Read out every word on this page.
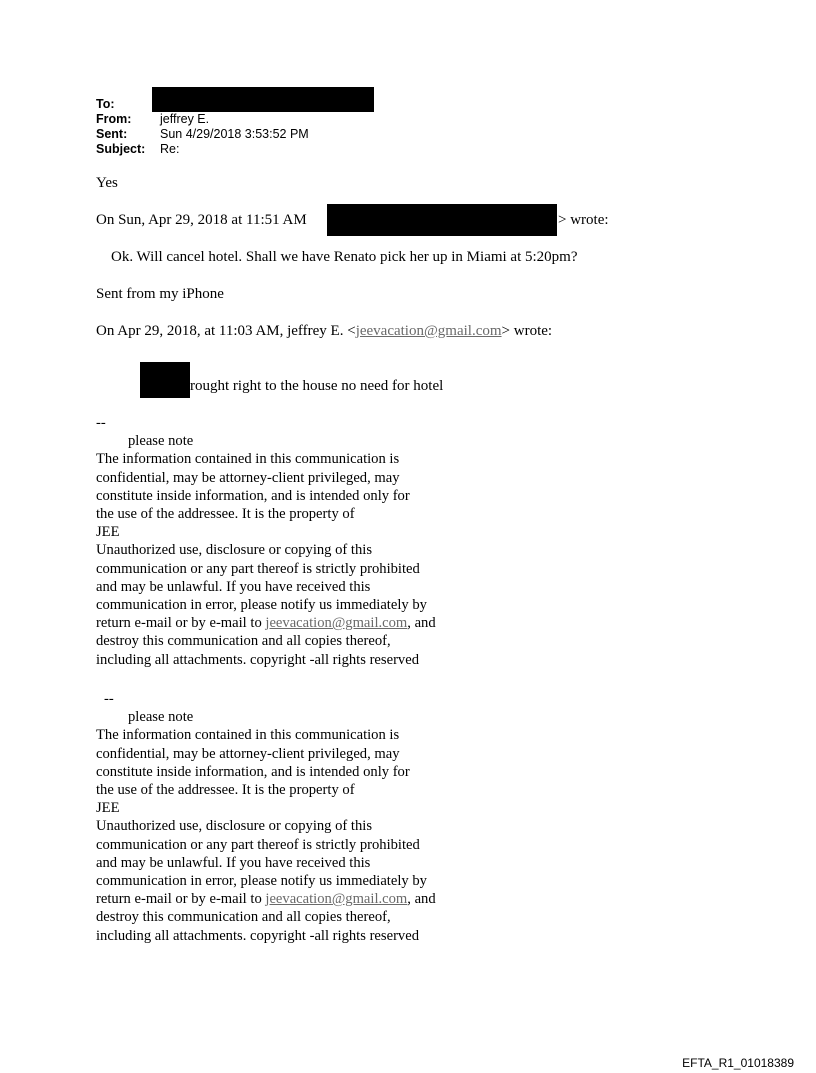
To:
From: jeffrey E.
Sent:	Sun 4/29/2018 3:53:52 PM
Subject: Re:
Yes
On Sun, Apr 29, 2018 at 11:51 AM	> wrote:
Ok. Will cancel hotel. Shall we have Renato pick her up in Miami at 5:20pm?
Sent from my iPhone
On Apr 29, 2018, at 11:03 AM, jeffrey E. <jeevacation@gmail.com> wrote:
rought right to the house no need for hotel
--
please note
The information contained in this communication is
confidential, may be attorney-client privileged, may
constitute inside information, and is intended only for
the use of the addressee. It is the property of
JEE
Unauthorized use, disclosure or copying of this
communication or any part thereof is strictly prohibited
and may be unlawful. If you have received this
communication in error, please notify us immediately by
return e-mail or by e-mail to jeevacation@gmail.com, and
destroy this communication and all copies thereof,
including all attachments. copyright -all rights reserved
--
please note
The information contained in this communication is
confidential, may be attorney-client privileged, may
constitute inside information, and is intended only for
the use of the addressee. It is the property of
JEE
Unauthorized use, disclosure or copying of this
communication or any part thereof is strictly prohibited
and may be unlawful. If you have received this
communication in error, please notify us immediately by
return e-mail or by e-mail to jeevacation@gmail.com, and
destroy this communication and all copies thereof,
including all attachments. copyright -all rights reserved
EFTA_R1_01018389
